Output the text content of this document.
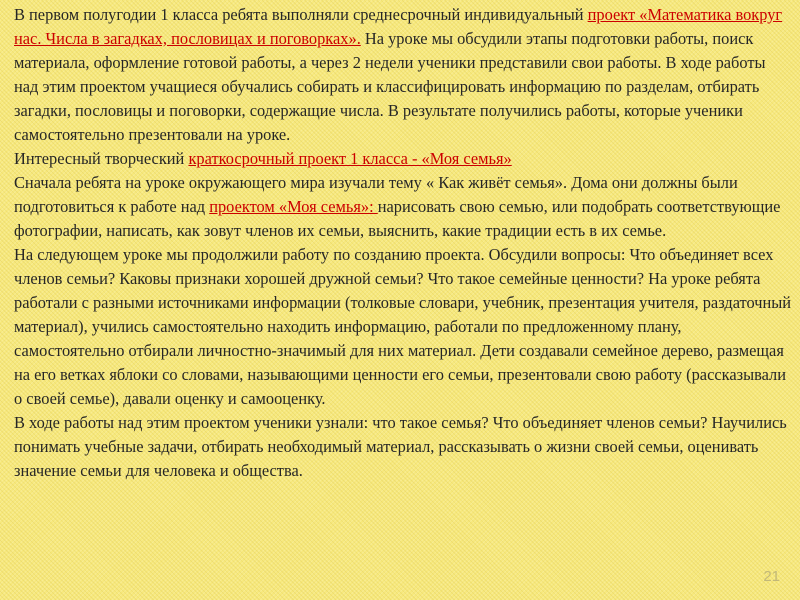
В первом полугодии 1 класса ребята выполняли среднесрочный индивидуальный проект «Математика вокруг нас. Числа в загадках, пословицах и поговорках». На уроке мы обсудили этапы подготовки работы, поиск материала, оформление готовой работы, а через 2 недели ученики представили свои работы. В ходе работы над этим проектом учащиеся обучались собирать и классифицировать информацию по разделам, отбирать загадки, пословицы и поговорки, содержащие числа. В результате получились работы, которые ученики самостоятельно презентовали на уроке.

Интересный творческий краткосрочный проект 1 класса - «Моя семья»

Сначала ребята на уроке окружающего мира изучали тему « Как живёт семья». Дома они должны были подготовиться к работе над проектом «Моя семья»: нарисовать свою семью, или подобрать соответствующие фотографии, написать, как зовут членов их семьи, выяснить, какие традиции есть в их семье.

На следующем уроке мы продолжили работу по созданию проекта. Обсудили вопросы: Что объединяет всех членов семьи? Каковы признаки хорошей дружной семьи? Что такое семейные ценности? На уроке ребята работали с разными источниками информации (толковые словари, учебник, презентация учителя, раздаточный материал), учились самостоятельно находить информацию, работали по предложенному плану, самостоятельно отбирали личностно-значимый для них материал. Дети создавали семейное дерево, размещая на его ветках яблоки со словами, называющими ценности его семьи, презентовали свою работу (рассказывали о своей семье), давали оценку и самооценку.

В ходе работы над этим проектом ученики узнали: что такое семья? Что объединяет членов семьи? Научились понимать учебные задачи, отбирать необходимый материал, рассказывать о жизни своей семьи, оценивать значение семьи для человека и общества.

21
